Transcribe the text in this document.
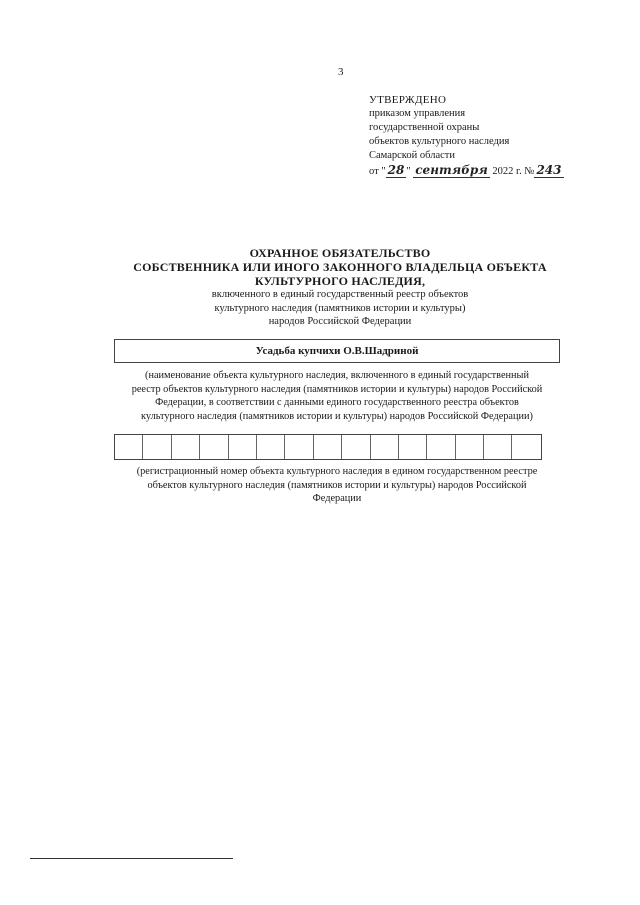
3
УТВЕРЖДЕНО
приказом управления
государственной охраны
объектов культурного наследия
Самарской области
от " 28 " сентября 2022 г. № 243
ОХРАННОЕ ОБЯЗАТЕЛЬСТВО
СОБСТВЕННИКА ИЛИ ИНОГО ЗАКОННОГО ВЛАДЕЛЬЦА ОБЪЕКТА
КУЛЬТУРНОГО НАСЛЕДИЯ,
включенного в единый государственный реестр объектов
культурного наследия (памятников истории и культуры)
народов Российской Федерации
Усадьба купчихи О.В.Шадриной
(наименование объекта культурного наследия, включенного в единый государственный
реестр объектов культурного наследия (памятников истории и культуры) народов Российской
Федерации, в соответствии с данными единого государственного реестра объектов
культурного наследия (памятников истории и культуры) народов Российской Федерации)
(регистрационный номер объекта культурного наследия в едином государственном реестре
объектов культурного наследия (памятников истории и культуры) народов Российской
Федерации
